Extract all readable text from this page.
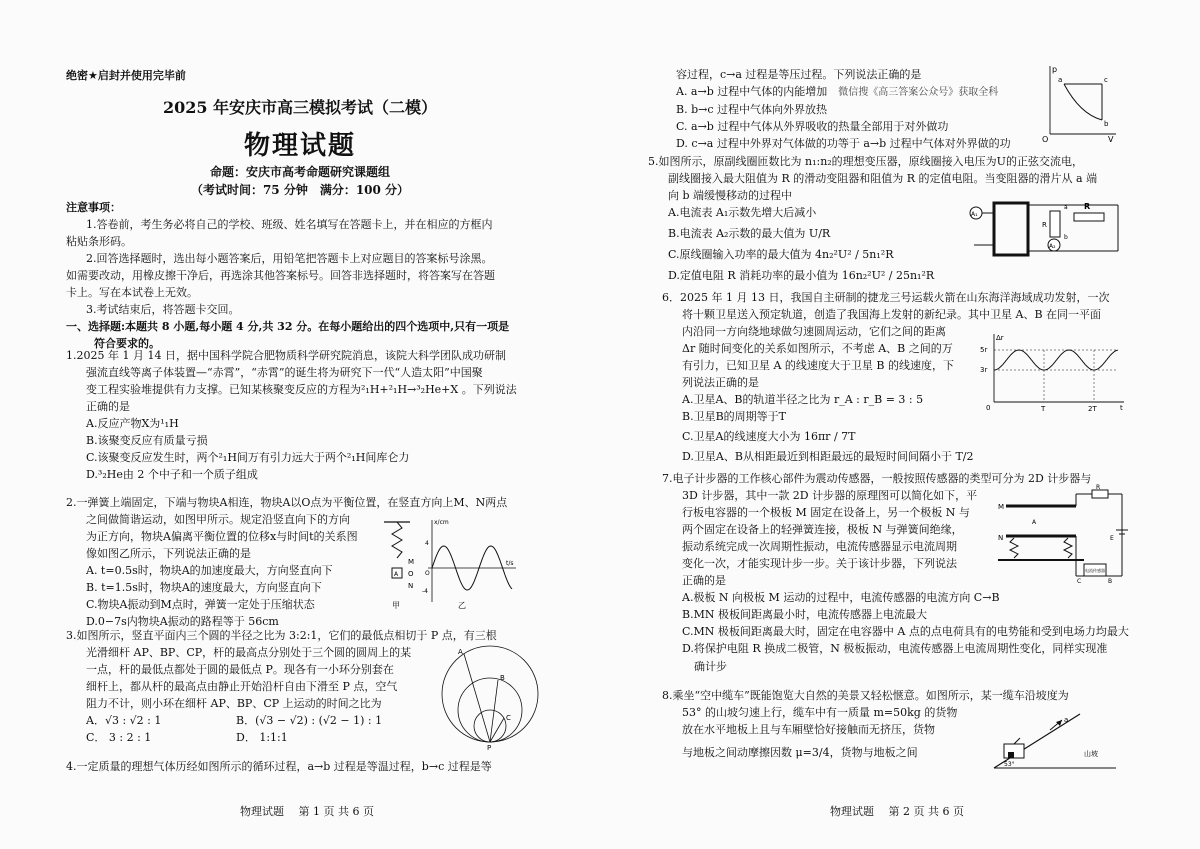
绝密★启封并使用完毕前
2025 年安庆市高三模拟考试（二模）
物理试题
命题：安庆市高考命题研究课题组
（考试时间：75 分钟　满分：100 分）

注意事项：

1.答卷前，考生务必将自己的学校、班级、姓名填写在答题卡上，并在相应的方框内

粘贴条形码。

2.回答选择题时，选出每小题答案后，用铅笔把答题卡上对应题目的答案标号涂黑。

如需要改动，用橡皮擦干净后，再选涂其他答案标号。回答非选择题时，将答案写在答题

卡上。写在本试卷上无效。

3.考试结束后，将答题卡交回。

一、选择题:本题共 8 小题,每小题 4 分,共 32 分。在每小题给出的四个选项中,只有一项是

符合要求的。

1.2025 年 1 月 14 日，据中国科学院合肥物质科学研究院消息，该院大科学团队成功研制

强流直线等离子体装置—“赤霄”，“赤霄”的诞生将为研究下一代“人造太阳”中国聚

变工程实验堆提供有力支撑。已知某核聚变反应的方程为²₁H+²₁H→³₂He+X 。下列说法

正确的是

A.反应产物X为¹₁H

B.该聚变反应有质量亏损

C.该聚变反应发生时，两个²₁H间万有引力远大于两个²₁H间库仑力

D.³₂He由 2 个中子和一个质子组成

2.一弹簧上端固定，下端与物块A相连，物块A以O点为平衡位置，在竖直方向上M、N两点

之间做简谐运动，如图甲所示。规定沿竖直向下的方向

为正方向，物块A偏离平衡位置的位移x与时间t的关系图

像如图乙所示，下列说法正确的是

A. t=0.5s时，物块A的加速度最大，方向竖直向下

B. t=1.5s时，物块A的速度最大，方向竖直向下

C.物块A振动到M点时，弹簧一定处于压缩状态

D.0−7s内物块A振动的路程等于 56cm

M
O
A
N
甲
x/cm
t/s
4
-4
O
乙

3.如图所示，竖直平面内三个圆的半径之比为 3:2:1，它们的最低点相切于 P 点，有三根

光滑细杆 AP、BP、CP，杆的最高点分别处于三个圆的圆周上的某

一点，杆的最低点都处于圆的最低点 P。现各有一小环分别套在

细杆上，都从杆的最高点由静止开始沿杆自由下滑至 P 点，空气

阻力不计，则小环在细杆 AP、BP、CP 上运动的时间之比为

A．√3 : √2 : 1	B．(√3 − √2) : (√2 − 1) : 1
C． 3 : 2 : 1	D． 1:1:1
A
B
C
P

4.一定质量的理想气体历经如图所示的循环过程，a→b 过程是等温过程，b→c 过程是等

物理试题　 第 1 页 共 6 页

容过程，c→a 过程是等压过程。下列说法正确的是

A. a→b 过程中气体的内能增加　 微信搜《高三答案公众号》获取全科

B. b→c 过程中气体向外界放热

C. a→b 过程中气体从外界吸收的热量全部用于对外做功

D. c→a 过程中外界对气体做的功等于 a→b 过程中气体对外界做的功

p
V
O
a
b
c

5.如图所示，原副线圈匝数比为 n₁:n₂的理想变压器，原线圈接入电压为U的正弦交流电，

副线圈接入最大阻值为 R 的滑动变阻器和阻值为 R 的定值电阻。当变阻器的滑片从 a 端

向 b 端缓慢移动的过程中

A.电流表 A₁示数先增大后减小

B.电流表 A₂示数的最大值为 U/R

C.原线圈输入功率的最大值为 4n₂²U² / 5n₁²R

D.定值电阻 R 消耗功率的最小值为 16n₂²U² / 25n₁²R

A₁
R
R
a
b
A₂

6．2025 年 1 月 13 日，我国自主研制的捷龙三号运载火箭在山东海洋海域成功发射，一次

将十颗卫星送入预定轨道，创造了我国海上发射的新纪录。其中卫星 A、B 在同一平面

内沿同一方向绕地球做匀速圆周运动，它们之间的距离

Δr 随时间变化的关系如图所示，不考虑 A、B 之间的万

有引力，已知卫星 A 的线速度大于卫星 B 的线速度，下

列说法正确的是

A.卫星A、B的轨道半径之比为 r_A : r_B = 3 : 5

B.卫星B的周期等于T

C.卫星A的线速度大小为 16πr / 7T

D.卫星A、B从相距最近到相距最远的最短时间间隔小于 T/2

Δr
5r
3r
0	T	2T	t

7.电子计步器的工作核心部件为震动传感器，一般按照传感器的类型可分为 2D 计步器与

3D 计步器，其中一款 2D 计步器的原理图可以简化如下，平

行板电容器的一个极板 M 固定在设备上，另一个极板 N 与

两个固定在设备上的轻弹簧连接，极板 N 与弹簧间绝缘，

振动系统完成一次周期性振动，电流传感器显示电流周期

变化一次，才能实现计步一步。关于该计步器，下列说法

正确的是

A.极板 N 向极板 M 运动的过程中，电流传感器的电流方向 C→B

B.MN 极板间距离最小时，电流传感器上电流最大

C.MN 极板间距离最大时，固定在电容器中 A 点的点电荷具有的电势能和受到电场力均最大

D.将保护电阻 R 换成二极管，N 极板振动，电流传感器上电流周期性变化，同样实现准

确计步

M
A
N
R
E
电流传感器
C	B

8.乘坐“空中缆车”既能饱览大自然的美景又轻松惬意。如图所示，某一缆车沿坡度为

53° 的山坡匀速上行，缆车中有一质量 m=50kg 的货物

放在水平地板上且与车厢壁恰好接触而无挤压，货物

与地板之间动摩擦因数 μ=3/4，货物与地板之间

a
山坡
53°
物理试题　 第 2 页 共 6 页
